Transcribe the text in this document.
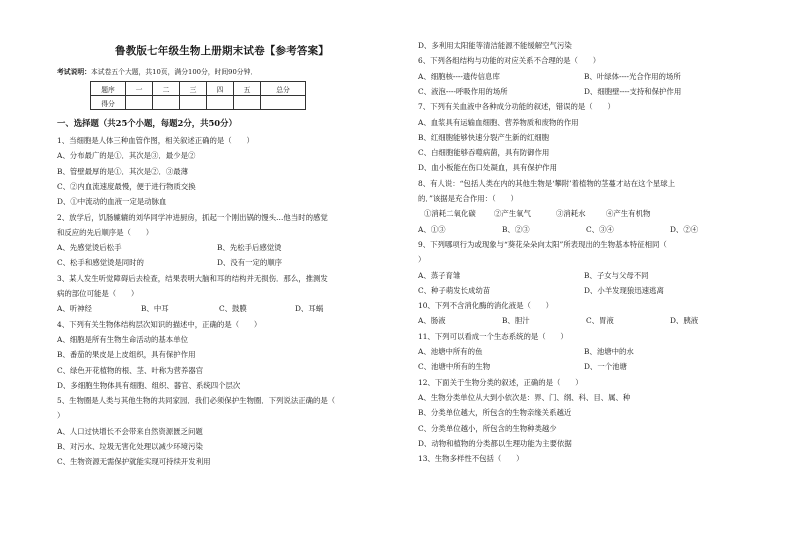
鲁教版七年级生物上册期末试卷【参考答案】
考试说明：本试卷五个大题，共10页，满分100分，时间90分钟．
题序	一	二	三	四	五	总分
得分						
一、选择题（共25个小题，每题2分，共50分）
1、当细胞是人体三种血管作图，相关叙述正确的是（　　）
A、分布最广的是①．其次是③．最少是②
B、管壁最厚的是①．其次是②．③最薄
C、②内血流速度最慢，便于进行物质交换
D、①中流动的血液一定是动脉血
2、放学后，饥肠辘辘的刘华同学冲进厨房，抓起一个刚出锅的馒头…他当时的感觉
和反应的先后顺序是（　　）
A、先感觉烫后松手	B、先松手后感觉烫
C、松手和感觉烫是同时的	D、没有一定的顺序
3、某人发生听觉障碍后去检查，结果表明大脑和耳的结构并无损伤．那么，推测发
病的部位可能是（　　）
A、听神经	B、中耳	C、鼓膜	D、耳蜗
4、下列有关生物体结构层次知识的描述中，正确的是（　　）
A、细胞是所有生物生命活动的基本单位
B、番茄的果皮是上皮组织，具有保护作用
C、绿色开花植物的根、茎、叶称为营养器官
D、多细胞生物体具有细胞、组织、器官、系统四个层次
5、生物圈是人类与其他生物的共同家园．我们必须保护生物圈．下列说法正确的是（
）
A、人口过快增长不会带来自然资源匮乏问题
B、对污水、垃圾无害化处理以减少环境污染
C、生物资源无需保护就能实现可持续开发利用
D、多利用太阳能等清洁能源不能缓解空气污染
6、下列各组结构与功能的对应关系不合理的是（　　）
A、细胞核----遗传信息库	B、叶绿体----光合作用的场所
C、液泡----呼吸作用的场所	D、细胞壁----支持和保护作用
7、下列有关血液中各种成分功能的叙述，错误的是（　　）
A、血浆具有运输血细胞、营养物质和废物的作用
B、红细胞能够快速分裂产生新的红细胞
C、白细胞能够吞噬病菌，具有防御作用
D、血小板能在伤口处凝血，具有保护作用
8、有人说：“包括人类在内的其他生物是‘攀附’着植物的茎蔓才站在这个星球上
的．”该据是充合作用：（　　）
①消耗二氧化碳 ②产生氧气	③消耗水	④产生有机物
A、①③	B、②③	C、③④	D、②④
9、下列哪项行为或现象与“葵花朵朵向太阳”所表现出的生物基本特征相同（
）
A、蒸子育雏	B、子女与父母不同
C、种子萌发长成幼苗	D、小羊发现狼迅速逃离
10、下列不含消化酶的消化液是（　　）
A、肠液	B、胆汁	C、胃液	D、胰液
11、下列可以看成一个生态系统的是（　　）
A、池塘中所有的鱼	B、池塘中的水
C、池塘中所有的生物	D、一个池塘
12、下面关于生物分类的叙述，正确的是（　　）
A、生物分类单位从大到小依次是：界、门、纲、科、目、属、种
B、分类单位越大，所包含的生物亲缘关系越近
C、分类单位越小，所包含的生物种类越少
D、动物和植物的分类都以生理功能为主要依据
13、生物多样性不包括（　　）
